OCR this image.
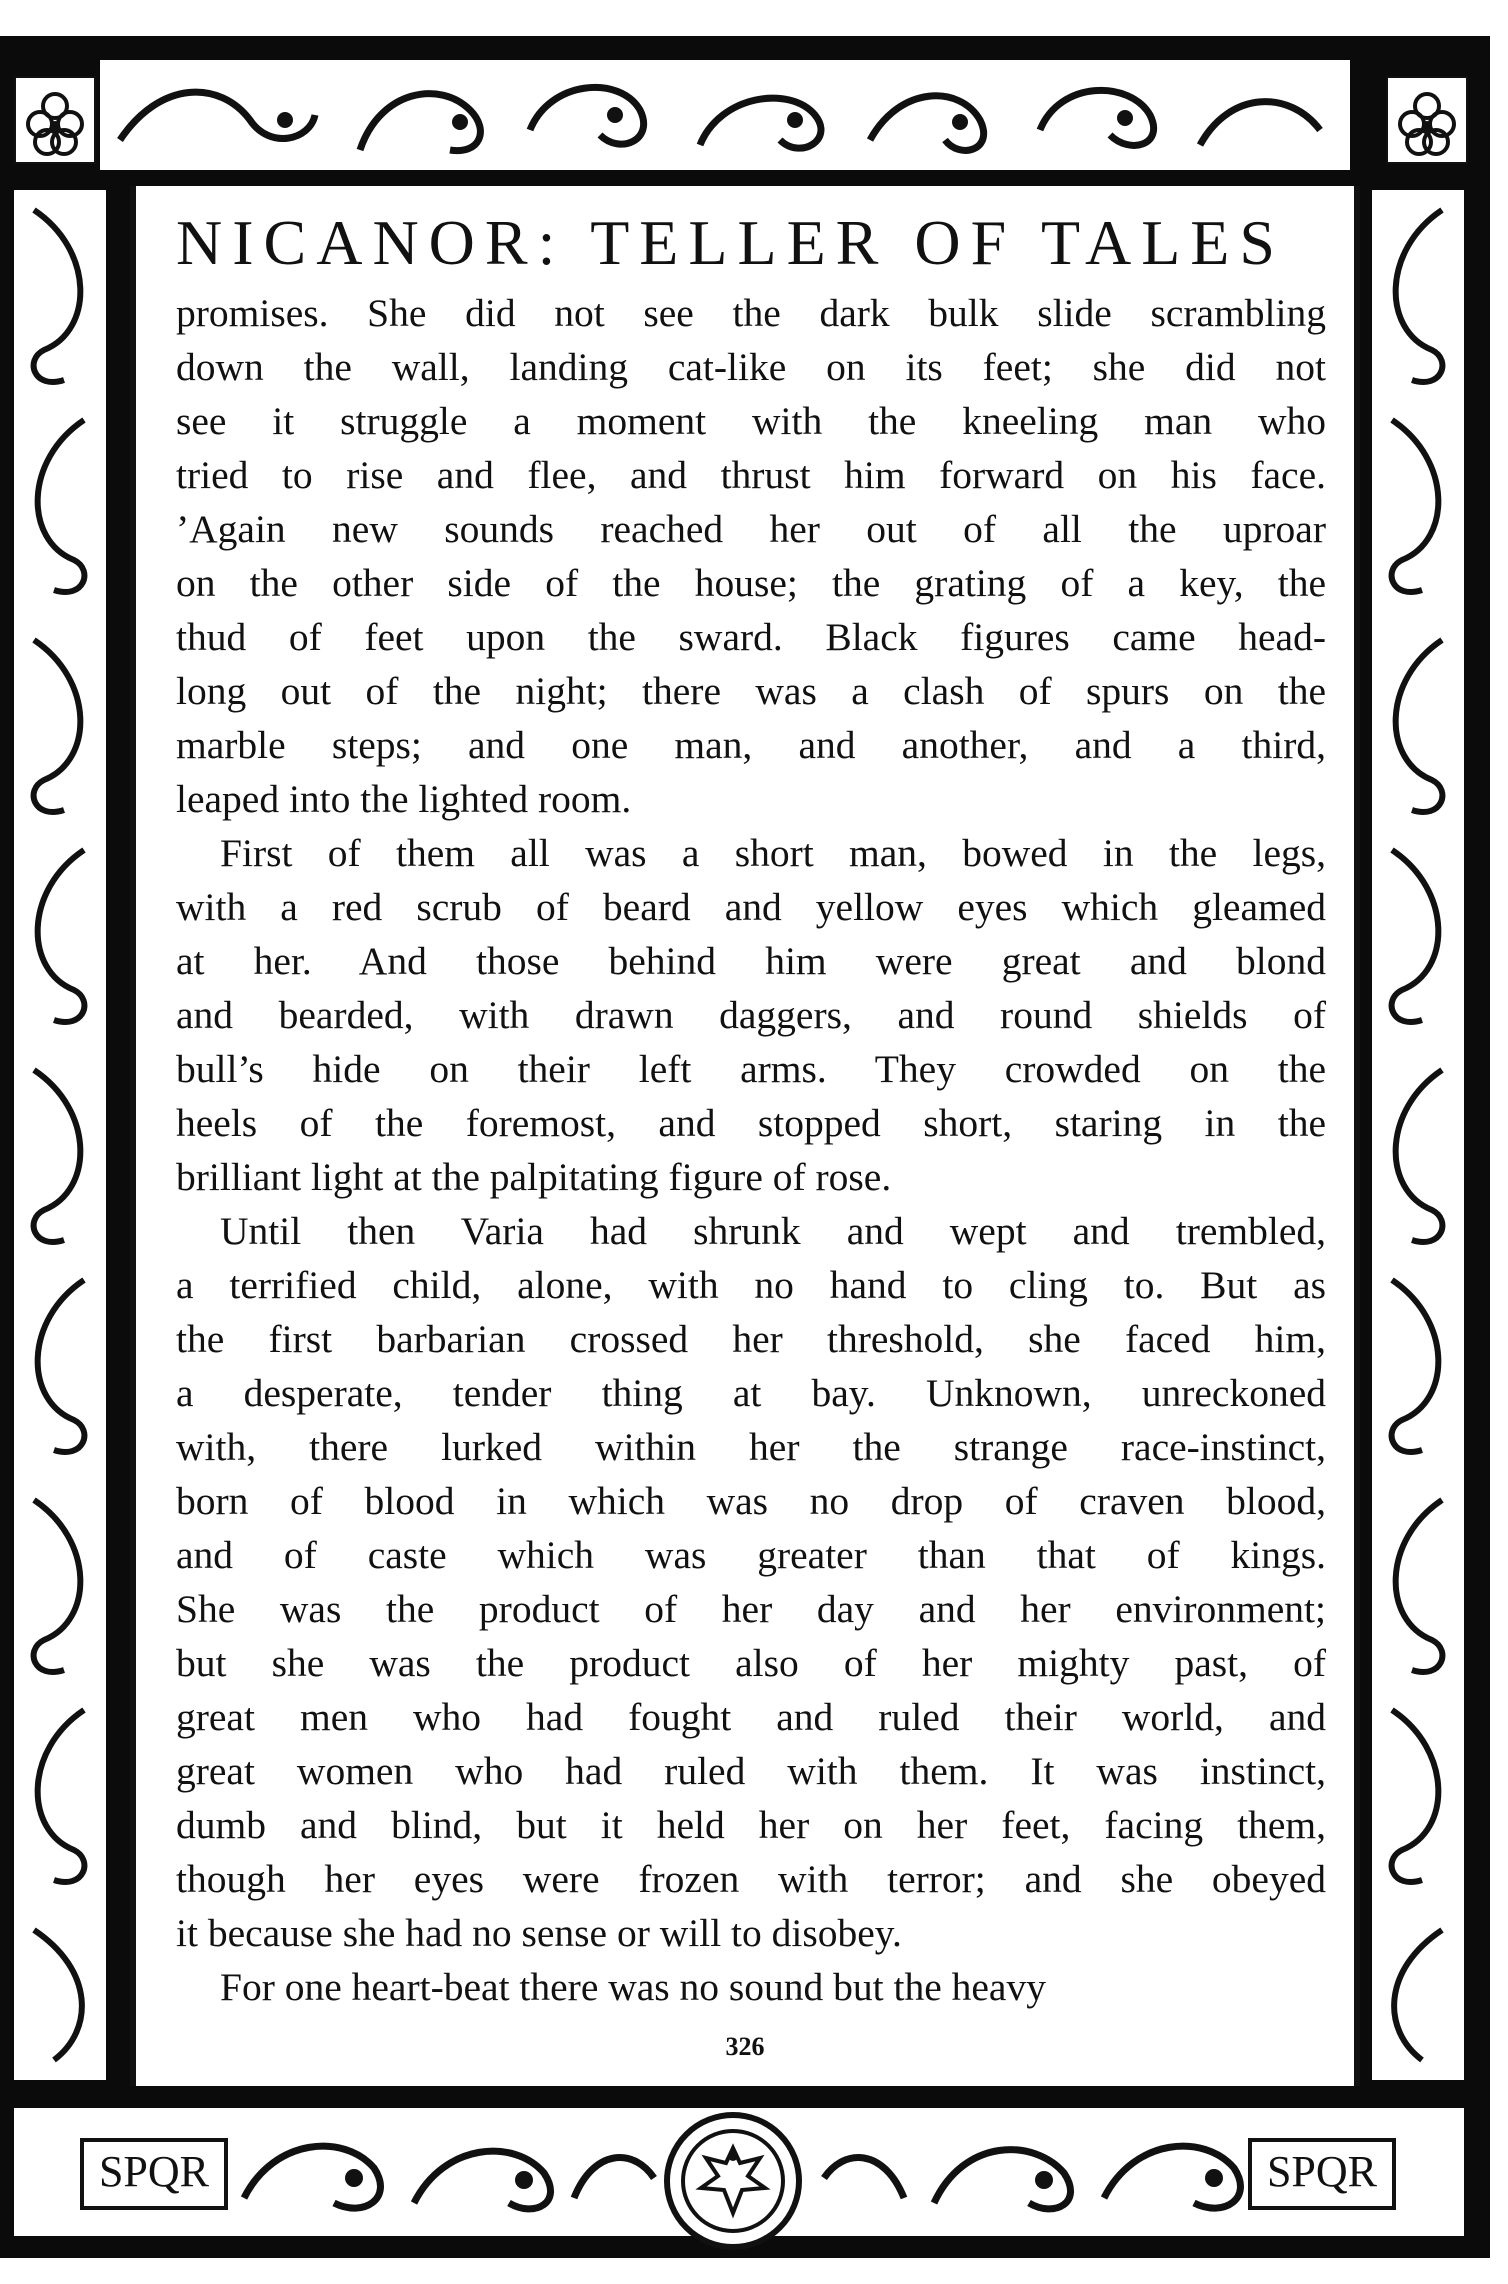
SPQR	SPQR
NICANOR: TELLER OF TALES
promises. She did not see the dark bulk slide scrambling
down the wall, landing cat-like on its feet; she did not
see it struggle a moment with the kneeling man who
tried to rise and flee, and thrust him forward on his face.
’Again new sounds reached her out of all the uproar
on the other side of the house; the grating of a key, the
thud of feet upon the sward. Black figures came head-
long out of the night; there was a clash of spurs on the
marble steps; and one man, and another, and a third,
leaped into the lighted room.
First of them all was a short man, bowed in the legs,
with a red scrub of beard and yellow eyes which gleamed
at her. And those behind him were great and blond
and bearded, with drawn daggers, and round shields of
bull’s hide on their left arms. They crowded on the
heels of the foremost, and stopped short, staring in the
brilliant light at the palpitating figure of rose.
Until then Varia had shrunk and wept and trembled,
a terrified child, alone, with no hand to cling to. But as
the first barbarian crossed her threshold, she faced him,
a desperate, tender thing at bay. Unknown, unreckoned
with, there lurked within her the strange race-instinct,
born of blood in which was no drop of craven blood,
and of caste which was greater than that of kings.
She was the product of her day and her environment;
but she was the product also of her mighty past, of
great men who had fought and ruled their world, and
great women who had ruled with them. It was instinct,
dumb and blind, but it held her on her feet, facing them,
though her eyes were frozen with terror; and she obeyed
it because she had no sense or will to disobey.
For one heart-beat there was no sound but the heavy
326
